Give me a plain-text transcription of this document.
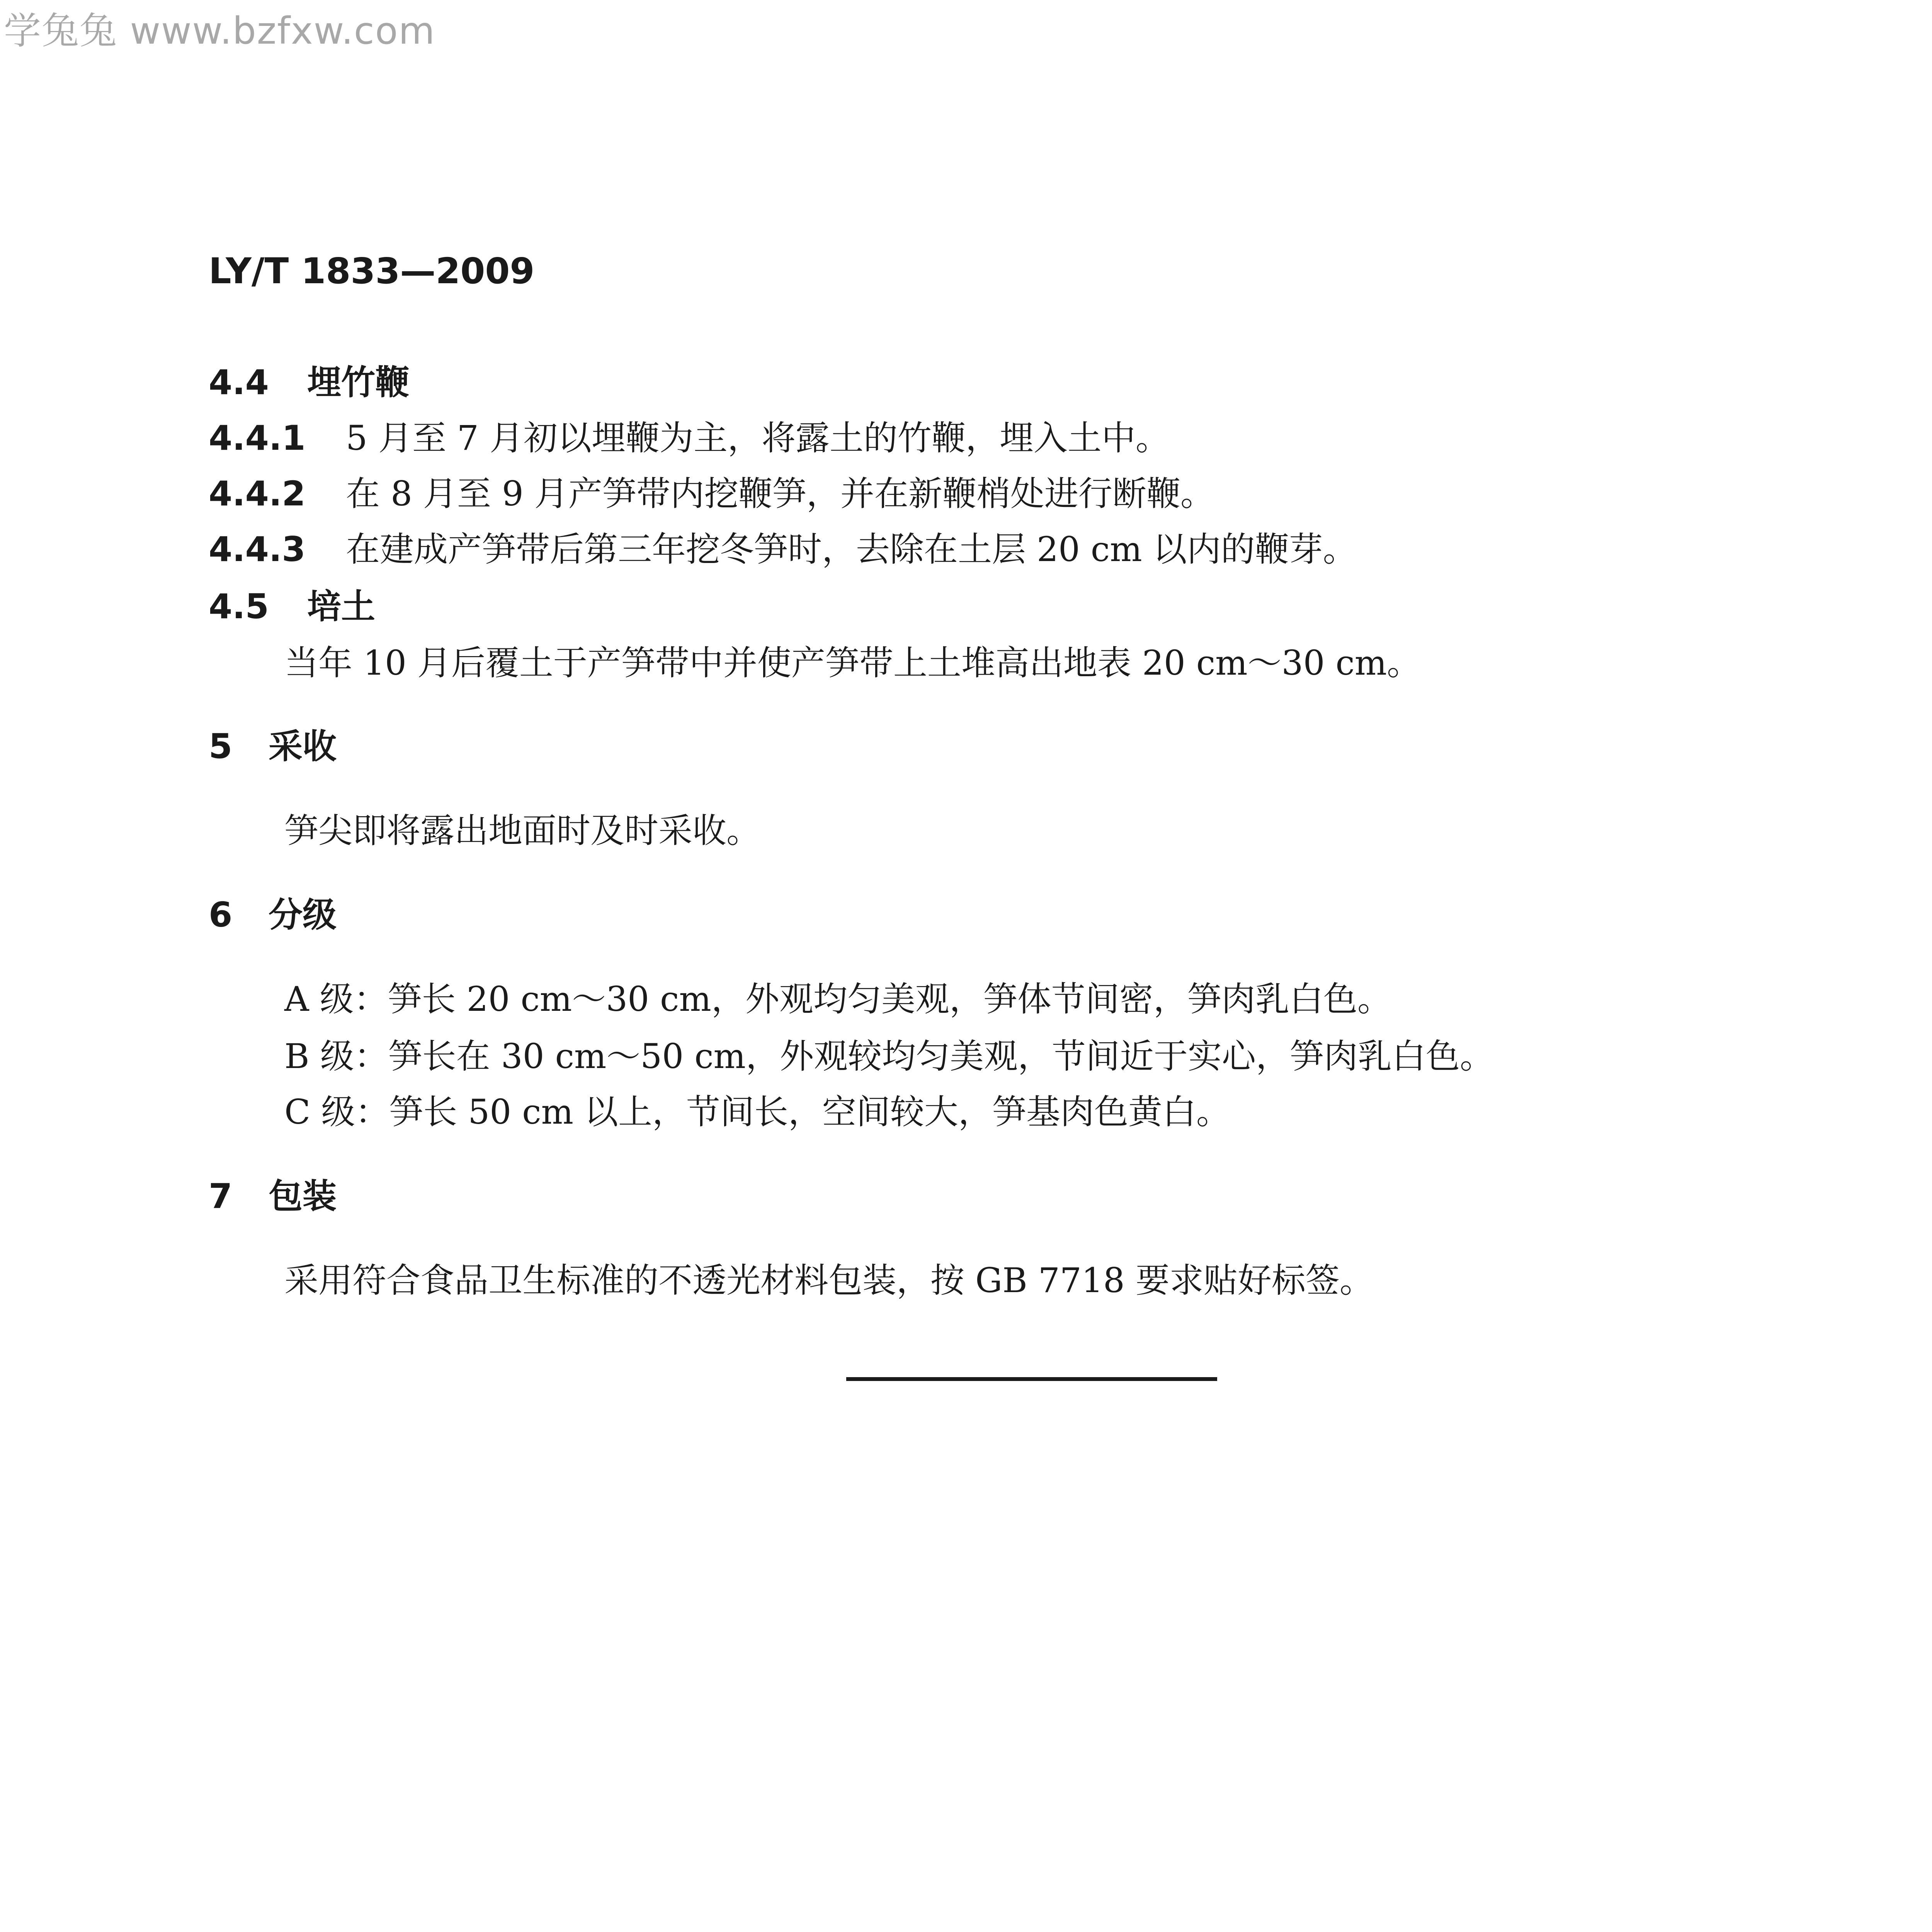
学兔兔 www.bzfxw.com
LY/T 1833—2009
4.4 埋竹鞭
4.4.1 5 月至 7 月初以埋鞭为主，将露土的竹鞭，埋入土中。
4.4.2 在 8 月至 9 月产笋带内挖鞭笋，并在新鞭梢处进行断鞭。
4.4.3 在建成产笋带后第三年挖冬笋时，去除在土层 20 cm 以内的鞭芽。
4.5 培土
当年 10 月后覆土于产笋带中并使产笋带上土堆高出地表 20 cm～30 cm。
5 采收
笋尖即将露出地面时及时采收。
6 分级
A 级：笋长 20 cm～30 cm，外观均匀美观，笋体节间密，笋肉乳白色。
B 级：笋长在 30 cm～50 cm，外观较均匀美观，节间近于实心，笋肉乳白色。
C 级：笋长 50 cm 以上，节间长，空间较大，笋基肉色黄白。
7 包装
采用符合食品卫生标准的不透光材料包装，按 GB 7718 要求贴好标签。
